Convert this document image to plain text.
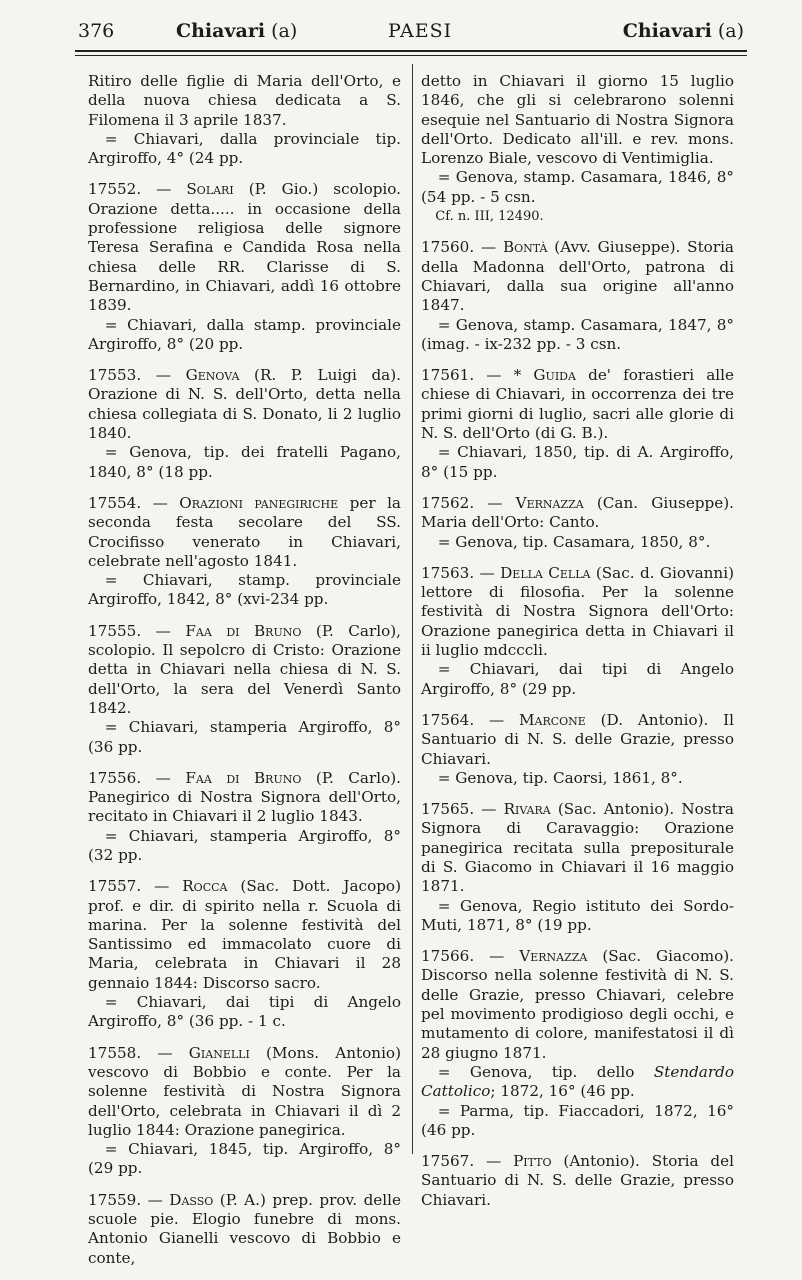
376	Chiavari (a)	PAESI	Chiavari (a)

Ritiro delle figlie di Maria dell'Orto, e della nuova chiesa dedicata a S. Filomena il 3 aprile 1837.

= Chiavari, dalla provinciale tip. Argiroffo, 4° (24 pp.

17552. — Solari (P. Gio.) scolopio. Orazione detta..... in occasione della professione religiosa delle signore Teresa Serafina e Candida Rosa nella chiesa delle RR. Clarisse di S. Bernardino, in Chiavari, addì 16 ottobre 1839.

= Chiavari, dalla stamp. provinciale Argiroffo, 8° (20 pp.

17553. — Genova (R. P. Luigi da). Orazione di N. S. dell'Orto, detta nella chiesa collegiata di S. Donato, li 2 luglio 1840.

= Genova, tip. dei fratelli Pagano, 1840, 8° (18 pp.

17554. — Orazioni panegiriche per la seconda festa secolare del SS. Crocifisso venerato in Chiavari, celebrate nell'agosto 1841.

= Chiavari, stamp. provinciale Argiroffo, 1842, 8° (xvi-234 pp.

17555. — Faa di Bruno (P. Carlo), scolopio. Il sepolcro di Cristo: Orazione detta in Chiavari nella chiesa di N. S. dell'Orto, la sera del Venerdì Santo 1842.

= Chiavari, stamperia Argiroffo, 8° (36 pp.

17556. — Faa di Bruno (P. Carlo). Panegirico di Nostra Signora dell'Orto, recitato in Chiavari il 2 luglio 1843.

= Chiavari, stamperia Argiroffo, 8° (32 pp.

17557. — Rocca (Sac. Dott. Jacopo) prof. e dir. di spirito nella r. Scuola di marina. Per la solenne festività del Santissimo ed immacolato cuore di Maria, celebrata in Chiavari il 28 gennaio 1844: Discorso sacro.

= Chiavari, dai tipi di Angelo Argiroffo, 8° (36 pp. - 1 c.

17558. — Gianelli (Mons. Antonio) vescovo di Bobbio e conte. Per la solenne festività di Nostra Signora dell'Orto, celebrata in Chiavari il dì 2 luglio 1844: Orazione panegirica.

= Chiavari, 1845, tip. Argiroffo, 8° (29 pp.

17559. — Dasso (P. A.) prep. prov. delle scuole pie. Elogio funebre di mons. Antonio Gianelli vescovo di Bobbio e conte,

detto in Chiavari il giorno 15 luglio 1846, che gli si celebrarono solenni esequie nel Santuario di Nostra Signora dell'Orto. Dedicato all'ill. e rev. mons. Lorenzo Biale, vescovo di Ventimiglia.

= Genova, stamp. Casamara, 1846, 8° (54 pp. - 5 csn.

Cf. n. III, 12490.

17560. — Bontà (Avv. Giuseppe). Storia della Madonna dell'Orto, patrona di Chiavari, dalla sua origine all'anno 1847.

= Genova, stamp. Casamara, 1847, 8° (imag. - ix-232 pp. - 3 csn.

17561. — * Guida de' forastieri alle chiese di Chiavari, in occorrenza dei tre primi giorni di luglio, sacri alle glorie di N. S. dell'Orto (di G. B.).

= Chiavari, 1850, tip. di A. Argiroffo, 8° (15 pp.

17562. — Vernazza (Can. Giuseppe). Maria dell'Orto: Canto.

= Genova, tip. Casamara, 1850, 8°.

17563. — Della Cella (Sac. d. Giovanni) lettore di filosofia. Per la solenne festività di Nostra Signora dell'Orto: Orazione panegirica detta in Chiavari il ii luglio mdcccli.

= Chiavari, dai tipi di Angelo Argiroffo, 8° (29 pp.

17564. — Marcone (D. Antonio). Il Santuario di N. S. delle Grazie, presso Chiavari.

= Genova, tip. Caorsi, 1861, 8°.

17565. — Rivara (Sac. Antonio). Nostra Signora di Caravaggio: Orazione panegirica recitata sulla prepositurale di S. Giacomo in Chiavari il 16 maggio 1871.

= Genova, Regio istituto dei Sordo-Muti, 1871, 8° (19 pp.

17566. — Vernazza (Sac. Giacomo). Discorso nella solenne festività di N. S. delle Grazie, presso Chiavari, celebre pel movimento prodigioso degli occhi, e mutamento di colore, manifestatosi il dì 28 giugno 1871.

= Genova, tip. dello Stendardo Cattolico; 1872, 16° (46 pp.

= Parma, tip. Fiaccadori, 1872, 16° (46 pp.

17567. — Pitto (Antonio). Storia del Santuario di N. S. delle Grazie, presso Chiavari.
